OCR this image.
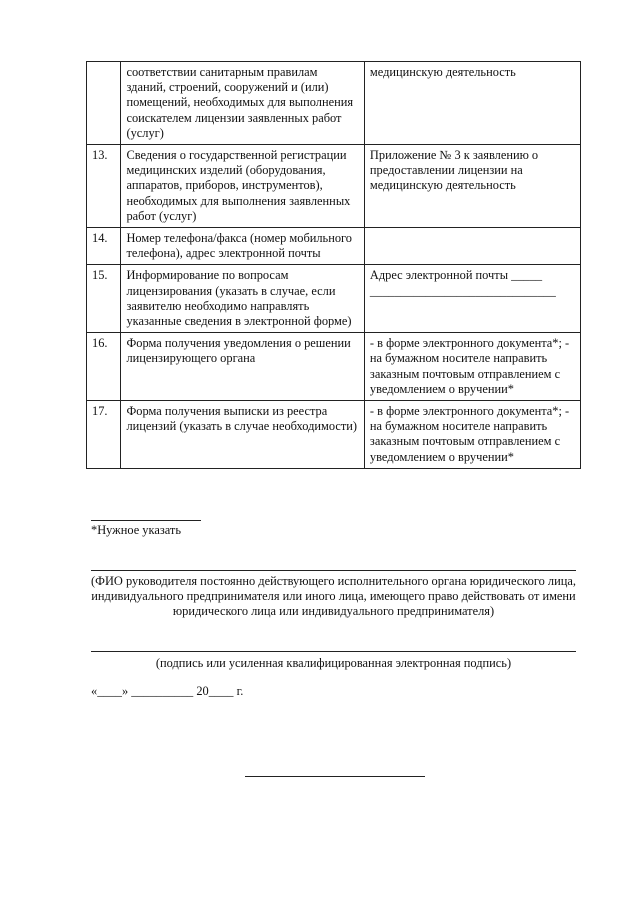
	соответствии санитарным правилам зданий, строений, сооружений и (или) помещений, необходимых для выполнения соискателем лицензии заявленных работ (услуг)	медицинскую деятельность
13.	Сведения о государственной регистрации медицинских изделий (оборудования, аппаратов, приборов, инструментов), необходимых для выполнения заявленных работ (услуг)	Приложение № 3 к заявлению о предоставлении лицензии на медицинскую деятельность
14.	Номер телефона/факса (номер мобильного телефона), адрес электронной почты	
15.	Информирование по вопросам лицензирования (указать в случае, если заявителю необходимо направлять указанные сведения в электронной форме)	Адрес электронной почты _____ ______________________________
16.	Форма получения уведомления о решении лицензирующего органа	- в форме электронного документа*; - на бумажном носителе направить заказным почтовым отправлением с уведомлением о вручении*
17.	Форма получения выписки из реестра лицензий (указать в случае необходимости)	- в форме электронного документа*; - на бумажном носителе направить заказным почтовым отправлением с уведомлением о вручении*
*Нужное указать
(ФИО руководителя постоянно действующего исполнительного органа юридического лица, индивидуального предпринимателя или иного лица, имеющего право действовать от имени юридического лица или индивидуального предпринимателя)
(подпись или усиленная квалифицированная электронная подпись)
«____» __________ 20____ г.
